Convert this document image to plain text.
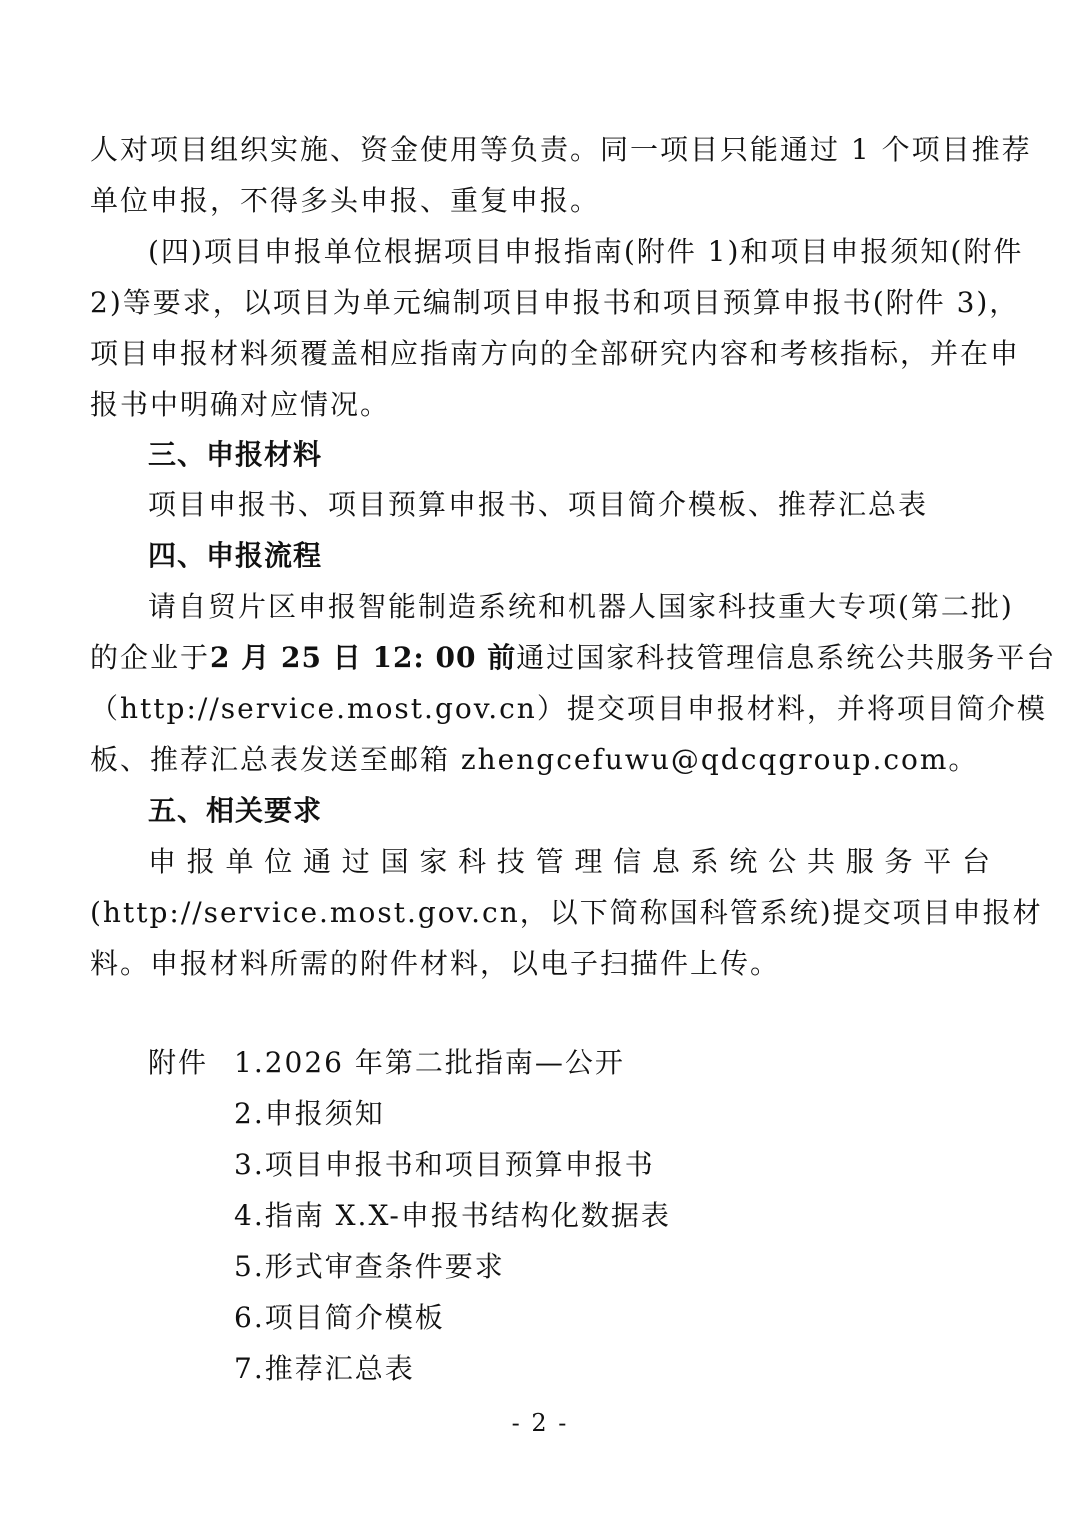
人对项目组织实施、资金使用等负责。同一项目只能通过 1 个项目推荐
单位申报，不得多头申报、重复申报。
(四)项目申报单位根据项目申报指南(附件 1)和项目申报须知(附件
2)等要求，以项目为单元编制项目申报书和项目预算申报书(附件 3)，
项目申报材料须覆盖相应指南方向的全部研究内容和考核指标，并在申
报书中明确对应情况。
三、申报材料
项目申报书、项目预算申报书、项目简介模板、推荐汇总表
四、申报流程
请自贸片区申报智能制造系统和机器人国家科技重大专项(第二批)
的企业于2 月 25 日 12: 00 前通过国家科技管理信息系统公共服务平台
（http://service.most.gov.cn）提交项目申报材料，并将项目简介模
板、推荐汇总表发送至邮箱 zhengcefuwu@qdcqgroup.com。
五、相关要求
申报单位通过国家科技管理信息系统公共服务平台
(http://service.most.gov.cn，以下简称国科管系统)提交项目申报材
料。申报材料所需的附件材料，以电子扫描件上传。
附件 1.2026 年第二批指南—公开
2.申报须知
3.项目申报书和项目预算申报书
4.指南 X.X-申报书结构化数据表
5.形式审查条件要求
6.项目简介模板
7.推荐汇总表
- 2 -
